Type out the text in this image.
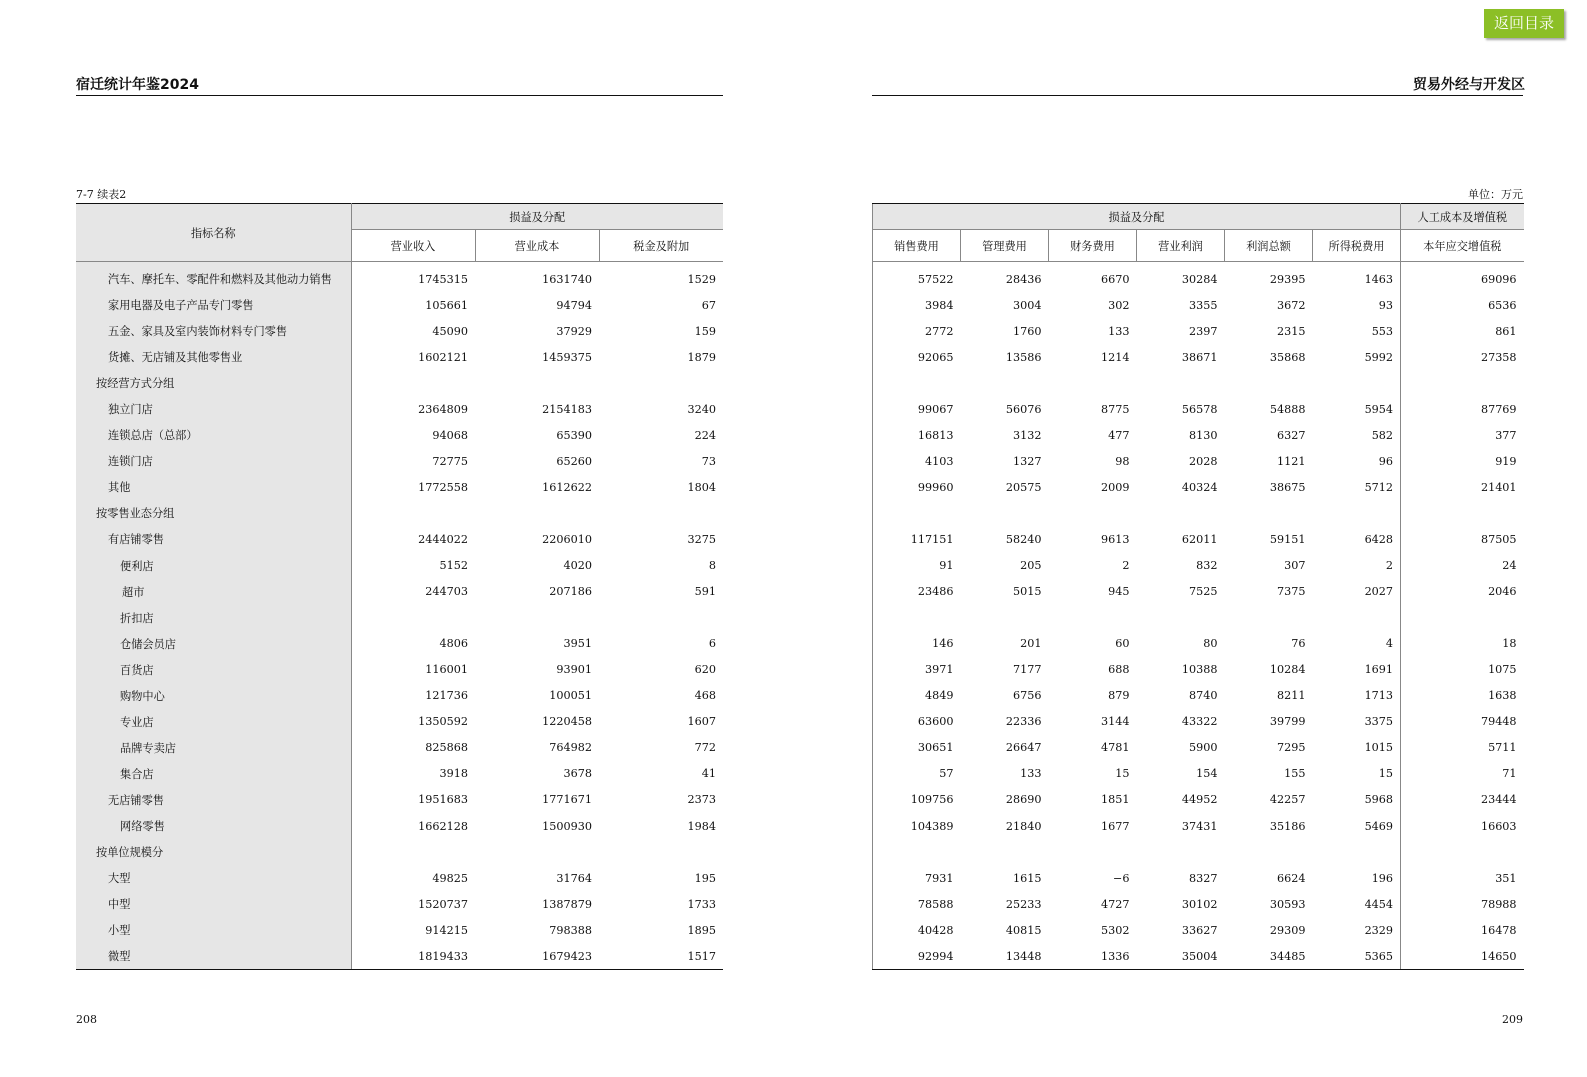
返回目录
宿迁统计年鉴2024	贸易外经与开发区
7-7 续表2	单位：万元
指标名称	损益及分配		
	营业收入	营业成本	税金及附加
汽车、摩托车、零配件和燃料及其他动力销售	1745315	1631740	1529
家用电器及电子产品专门零售	105661	94794	67
五金、家具及室内装饰材料专门零售	45090	37929	159
货摊、无店铺及其他零售业	1602121	1459375	1879
按经营方式分组			
独立门店	2364809	2154183	3240
连锁总店（总部）	94068	65390	224
连锁门店	72775	65260	73
其他	1772558	1612622	1804
按零售业态分组			
有店铺零售	2444022	2206010	3275
便利店	5152	4020	8
超市	244703	207186	591
折扣店			
仓储会员店	4806	3951	6
百货店	116001	93901	620
购物中心	121736	100051	468
专业店	1350592	1220458	1607
品牌专卖店	825868	764982	772
集合店	3918	3678	41
无店铺零售	1951683	1771671	2373
网络零售	1662128	1500930	1984
按单位规模分			
大型	49825	31764	195
中型	1520737	1387879	1733
小型	914215	798388	1895
微型	1819433	1679423	1517
损益及分配						人工成本及增值税
销售费用	管理费用	财务费用	营业利润	利润总额	所得税费用	本年应交增值税
57522	28436	6670	30284	29395	1463	69096
3984	3004	302	3355	3672	93	6536
2772	1760	133	2397	2315	553	861
92065	13586	1214	38671	35868	5992	27358

99067	56076	8775	56578	54888	5954	87769
16813	3132	477	8130	6327	582	377
4103	1327	98	2028	1121	96	919
99960	20575	2009	40324	38675	5712	21401

117151	58240	9613	62011	59151	6428	87505
91	205	2	832	307	2	24
23486	5015	945	7525	7375	2027	2046

146	201	60	80	76	4	18
3971	7177	688	10388	10284	1691	1075
4849	6756	879	8740	8211	1713	1638
63600	22336	3144	43322	39799	3375	79448
30651	26647	4781	5900	7295	1015	5711
57	133	15	154	155	15	71
109756	28690	1851	44952	42257	5968	23444
104389	21840	1677	37431	35186	5469	16603

7931	1615	−6	8327	6624	196	351
78588	25233	4727	30102	30593	4454	78988
40428	40815	5302	33627	29309	2329	16478
92994	13448	1336	35004	34485	5365	14650
208	209
